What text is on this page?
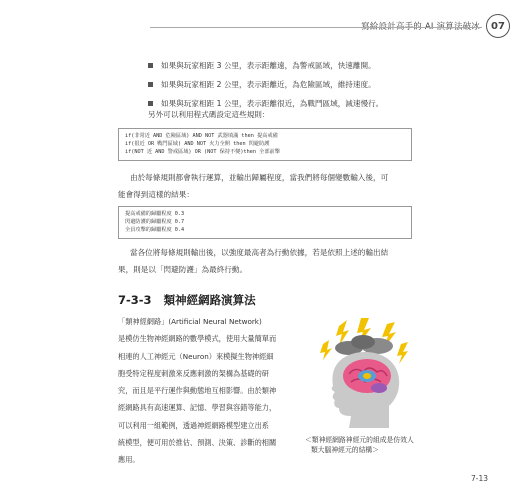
寫給設計高手的 AI 演算法破冰	07
如果與玩家相距 3 公里，表示距離遠，為警戒區域，快速離開。
如果與玩家相距 2 公里，表示距離近，為危險區域，維持速度。
如果與玩家相距 1 公里，表示距離很近，為戰鬥區域，減速慢行。
另外可以利用程式碼設定這些規則：
if(非常近 AND 危險區域) AND NOT 武器填滿 then 提高戒備
if(很近 OR 戰鬥區域) AND NOT 火力全開 then 閃避防護
if(NOT 近 AND 警戒區域) OR (NOT 保持不變)then 全部前擊
由於每條規則都會執行運算，並輸出歸屬程度，當我們將每個變數輸入後，可
能會得到這樣的結果：
提高戒備的歸屬程度 0.3
閃避防護的歸屬程度 0.7
全員攻擊的歸屬程度 0.4
當各位將每條規則輸出後，以強度最高者為行動依據，若是依照上述的輸出結
果，則是以「閃避防護」為最終行動。
7-3-3 類神經網路演算法
「類神經網路」(Artificial Neural Network)
是模仿生物神經網路的數學模式，使用大量簡單而
相連的人工神經元（Neuron）來模擬生物神經細
胞受特定程度刺激來反應刺激的架構為基礎的研
究，而且是平行運作與動態地互相影響。由於類神
經網路具有高速運算、記憶、學習與容錯等能力，
可以利用一組範例，透過神經網路模型建立出系
統模型，便可用於推估、預測、決策、診斷的相關
應用。
＜類神經網路神經元的組成是仿效人
類大腦神經元的結構＞
7-13
